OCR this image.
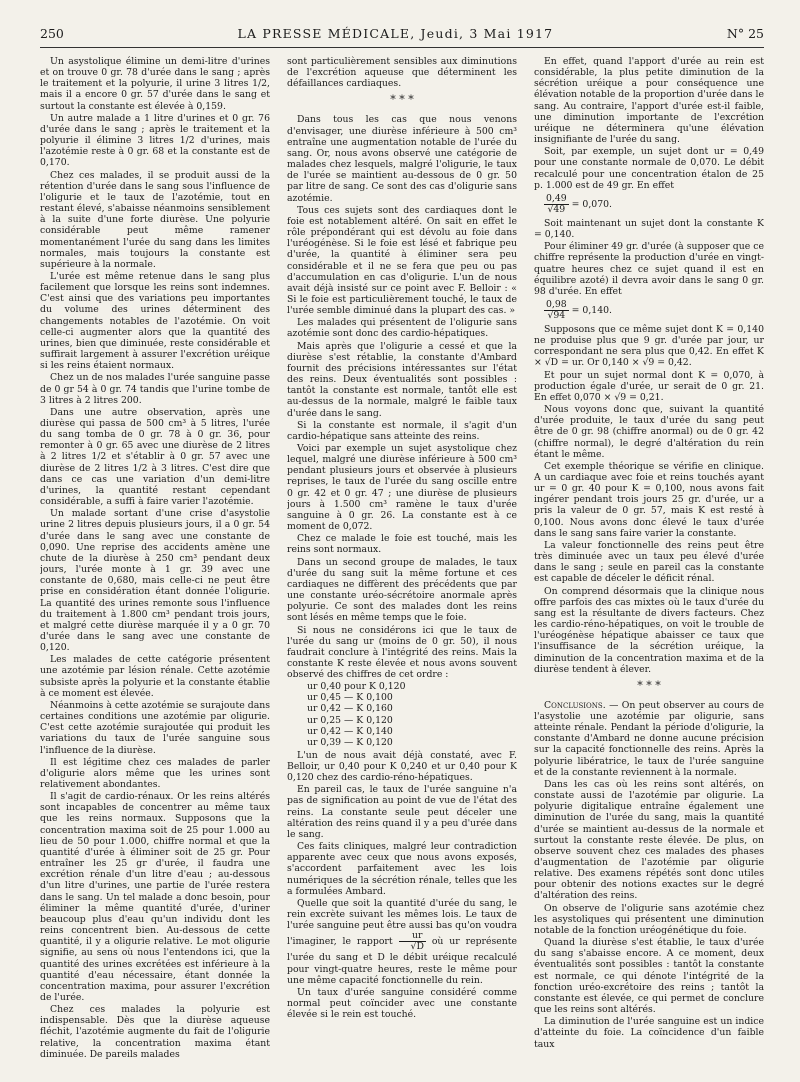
250	LA PRESSE MÉDICALE, Jeudi, 3 Mai 1917	N° 25

Un asystolique élimine un demi-litre d'urines et on trouve 0 gr. 78 d'urée dans le sang ; après le traitement et la polyurie, il urine 3 litres 1/2, mais il a encore 0 gr. 57 d'urée dans le sang et surtout la constante est élevée à 0,159.

Un autre malade a 1 litre d'urines et 0 gr. 76 d'urée dans le sang ; après le traitement et la polyurie il élimine 3 litres 1/2 d'urines, mais l'azotémie reste à 0 gr. 68 et la constante est de 0,170.

Chez ces malades, il se produit aussi de la rétention d'urée dans le sang sous l'influence de l'oligurie et le taux de l'azotémie, tout en restant élevé, s'abaisse néanmoins sensiblement à la suite d'une forte diurèse. Une polyurie considérable peut même ramener momentanément l'urée du sang dans les limites normales, mais toujours la constante est supérieure à la normale.

L'urée est même retenue dans le sang plus facilement que lorsque les reins sont indemnes. C'est ainsi que des variations peu importantes du volume des urines déterminent des changements notables de l'azotémie. On voit celle-ci augmenter alors que la quantité des urines, bien que diminuée, reste considérable et suffirait largement à assurer l'excrétion uréique si les reins étaient normaux.

Chez un de nos malades l'urée sanguine passe de 0 gr 54 à 0 gr. 74 tandis que l'urine tombe de 3 litres à 2 litres 200.

Dans une autre observation, après une diurèse qui passa de 500 cm³ à 5 litres, l'urée du sang tomba de 0 gr. 78 à 0 gr. 36, pour remonter à 0 gr. 65 avec une diurèse de 2 litres à 2 litres 1/2 et s'établir à 0 gr. 57 avec une diurèse de 2 litres 1/2 à 3 litres. C'est dire que dans ce cas une variation d'un demi-litre d'urines, la quantité restant cependant considérable, a suffi à faire varier l'azotémie.

Un malade sortant d'une crise d'asystolie urine 2 litres depuis plusieurs jours, il a 0 gr. 54 d'urée dans le sang avec une constante de 0,090. Une reprise des accidents amène une chute de la diurèse à 250 cm³ pendant deux jours, l'urée monte à 1 gr. 39 avec une constante de 0,680, mais celle-ci ne peut être prise en considération étant donnée l'oligurie. La quantité des urines remonte sous l'influence du traitement à 1.800 cm³ pendant trois jours, et malgré cette diurèse marquée il y a 0 gr. 70 d'urée dans le sang avec une constante de 0,120.

Les malades de cette catégorie présentent une azotémie par lésion rénale. Cette azotémie subsiste après la polyurie et la constante établie à ce moment est élevée.

Néanmoins à cette azotémie se surajoute dans certaines conditions une azotémie par oligurie. C'est cette azotémie surajoutée qui produit les variations du taux de l'urée sanguine sous l'influence de la diurèse.

Il est légitime chez ces malades de parler d'oligurie alors même que les urines sont relativement abondantes.

Il s'agit de cardio-rénaux. Or les reins altérés sont incapables de concentrer au même taux que les reins normaux. Supposons que la concentration maxima soit de 25 pour 1.000 au lieu de 50 pour 1.000, chiffre normal et que la quantité d'urée à éliminer soit de 25 gr. Pour entraîner les 25 gr d'urée, il faudra une excrétion rénale d'un litre d'eau ; au-dessous d'un litre d'urines, une partie de l'urée restera dans le sang. Un tel malade a donc besoin, pour éliminer la même quantité d'urée, d'uriner beaucoup plus d'eau qu'un individu dont les reins concentrent bien. Au-dessous de cette quantité, il y a oligurie relative. Le mot oligurie signifie, au sens où nous l'entendons ici, que la quantité des urines excrétées est inférieure à la quantité d'eau nécessaire, étant donnée la concentration maxima, pour assurer l'excrétion de l'urée.

Chez ces malades la polyurie est indispensable. Dès que la diurèse aqueuse fléchit, l'azotémie augmente du fait de l'oligurie relative, la concentration maxima étant diminuée. De pareils malades

sont particulièrement sensibles aux diminutions de l'excrétion aqueuse que déterminent les défaillances cardiaques.

* * *

Dans tous les cas que nous venons d'envisager, une diurèse inférieure à 500 cm³ entraîne une augmentation notable de l'urée du sang. Or, nous avons observé une catégorie de malades chez lesquels, malgré l'oligurie, le taux de l'urée se maintient au-dessous de 0 gr. 50 par litre de sang. Ce sont des cas d'oligurie sans azotémie.

Tous ces sujets sont des cardiaques dont le foie est notablement altéré. On sait en effet le rôle prépondérant qui est dévolu au foie dans l'uréogénèse. Si le foie est lésé et fabrique peu d'urée, la quantité à éliminer sera peu considérable et il ne se fera que peu ou pas d'accumulation en cas d'oligurie. L'un de nous avait déjà insisté sur ce point avec F. Belloir : « Si le foie est particulièrement touché, le taux de l'urée semble diminué dans la plupart des cas. »

Les malades qui présentent de l'oligurie sans azotémie sont donc des cardio-hépatiques.

Mais après que l'oligurie a cessé et que la diurèse s'est rétablie, la constante d'Ambard fournit des précisions intéressantes sur l'état des reins. Deux éventualités sont possibles : tantôt la constante est normale, tantôt elle est au-dessus de la normale, malgré le faible taux d'urée dans le sang.

Si la constante est normale, il s'agit d'un cardio-hépatique sans atteinte des reins.

Voici par exemple un sujet asystolique chez lequel, malgré une diurèse inférieure à 500 cm³ pendant plusieurs jours et observée à plusieurs reprises, le taux de l'urée du sang oscille entre 0 gr. 42 et 0 gr. 47 ; une diurèse de plusieurs jours à 1.500 cm³ ramène le taux d'urée sanguine à 0 gr. 26. La constante est à ce moment de 0,072.

Chez ce malade le foie est touché, mais les reins sont normaux.

Dans un second groupe de malades, le taux d'urée du sang suit la même fortune et ces cardiaques ne diffèrent des précédents que par une constante uréo-sécrétoire anormale après polyurie. Ce sont des malades dont les reins sont lésés en même temps que le foie.

Si nous ne considérons ici que le taux de l'urée du sang ur (moins de 0 gr. 50), il nous faudrait conclure à l'intégrité des reins. Mais la constante K reste élevée et nous avons souvent observé des chiffres de cet ordre :

ur 0,40 pour K 0,120
ur 0,45 — K 0,100
ur 0,42 — K 0,160
ur 0,25 — K 0,120
ur 0,42 — K 0,140
ur 0,39 — K 0,120

L'un de nous avait déjà constaté, avec F. Belloir, ur 0,40 pour K 0,240 et ur 0,40 pour K 0,120 chez des cardio-réno-hépatiques.

En pareil cas, le taux de l'urée sanguine n'a pas de signification au point de vue de l'état des reins. La constante seule peut déceler une altération des reins quand il y a peu d'urée dans le sang.

Ces faits cliniques, malgré leur contradiction apparente avec ceux que nous avons exposés, s'accordent parfaitement avec les lois numériques de la sécrétion rénale, telles que les a formulées Ambard.

Quelle que soit la quantité d'urée du sang, le rein excrète suivant les mêmes lois. Le taux de l'urée sanguine peut être aussi bas qu'on voudra l'imaginer, le rapport $\frac{ur}{√D}$ où ur représente l'urée du sang et D le débit uréique recalculé pour vingt-quatre heures, reste le même pour une même capacité fonctionnelle du rein.

Un taux d'urée sanguine considéré comme normal peut coïncider avec une constante élevée si le rein est touché.

En effet, quand l'apport d'urée au rein est considérable, la plus petite diminution de la sécrétion uréique a pour conséquence une élévation notable de la proportion d'urée dans le sang. Au contraire, l'apport d'urée est-il faible, une diminution importante de l'excrétion uréique ne déterminera qu'une élévation insignifiante de l'urée du sang.

Soit, par exemple, un sujet dont ur = 0,49 pour une constante normale de 0,070. Le débit recalculé pour une concentration étalon de 25 p. 1.000 est de 49 gr. En effet

$\frac{0,49}{√49} = 0,070$.

Soit maintenant un sujet dont la constante K = 0,140.

Pour éliminer 49 gr. d'urée (à supposer que ce chiffre représente la production d'urée en vingt-quatre heures chez ce sujet quand il est en équilibre azoté) il devra avoir dans le sang 0 gr. 98 d'urée. En effet

$\frac{0,98}{√94} = 0,140$.

Supposons que ce même sujet dont K = 0,140 ne produise plus que 9 gr. d'urée par jour, ur correspondant ne sera plus que 0,42. En effet K × √D = ur. Or 0,140 × √9 = 0,42.

Et pour un sujet normal dont K = 0,070, à production égale d'urée, ur serait de 0 gr. 21. En effet 0,070 × √9 = 0,21.

Nous voyons donc que, suivant la quantité d'urée produite, le taux d'urée du sang peut être de 0 gr. 98 (chiffre anormal) ou de 0 gr. 42 (chiffre normal), le degré d'altération du rein étant le même.

Cet exemple théorique se vérifie en clinique. A un cardiaque avec foie et reins touchés ayant ur = 0 gr. 40 pour K = 0,100, nous avons fait ingérer pendant trois jours 25 gr. d'urée, ur a pris la valeur de 0 gr. 57, mais K est resté à 0,100. Nous avons donc élevé le taux d'urée dans le sang sans faire varier la constante.

La valeur fonctionnelle des reins peut être très diminuée avec un taux peu élevé d'urée dans le sang ; seule en pareil cas la constante est capable de déceler le déficit rénal.

On comprend désormais que la clinique nous offre parfois des cas mixtes où le taux d'urée du sang est la résultante de divers facteurs. Chez les cardio-réno-hépatiques, on voit le trouble de l'uréogénèse hépatique abaisser ce taux que l'insuffisance de la sécrétion uréique, la diminution de la concentration maxima et de la diurèse tendent à élever.

* * *

Conclusions. — On peut observer au cours de l'asystolie une azotémie par oligurie, sans atteinte rénale. Pendant la période d'oligurie, la constante d'Ambard ne donne aucune précision sur la capacité fonctionnelle des reins. Après la polyurie libératrice, le taux de l'urée sanguine et de la constante reviennent à la normale.

Dans les cas où les reins sont altérés, on constate aussi de l'azotémie par oligurie. La polyurie digitalique entraîne également une diminution de l'urée du sang, mais la quantité d'urée se maintient au-dessus de la normale et surtout la constante reste élevée. De plus, on observe souvent chez ces malades des phases d'augmentation de l'azotémie par oligurie relative. Des examens répétés sont donc utiles pour obtenir des notions exactes sur le degré d'altération des reins.

On observe de l'oligurie sans azotémie chez les asystoliques qui présentent une diminution notable de la fonction uréogénétique du foie.

Quand la diurèse s'est établie, le taux d'urée du sang s'abaisse encore. A ce moment, deux éventualités sont possibles : tantôt la constante est normale, ce qui dénote l'intégrité de la fonction uréo-excrétoire des reins ; tantôt la constante est élevée, ce qui permet de conclure que les reins sont altérés.

La diminution de l'urée sanguine est un indice d'atteinte du foie. La coïncidence d'un faible taux
